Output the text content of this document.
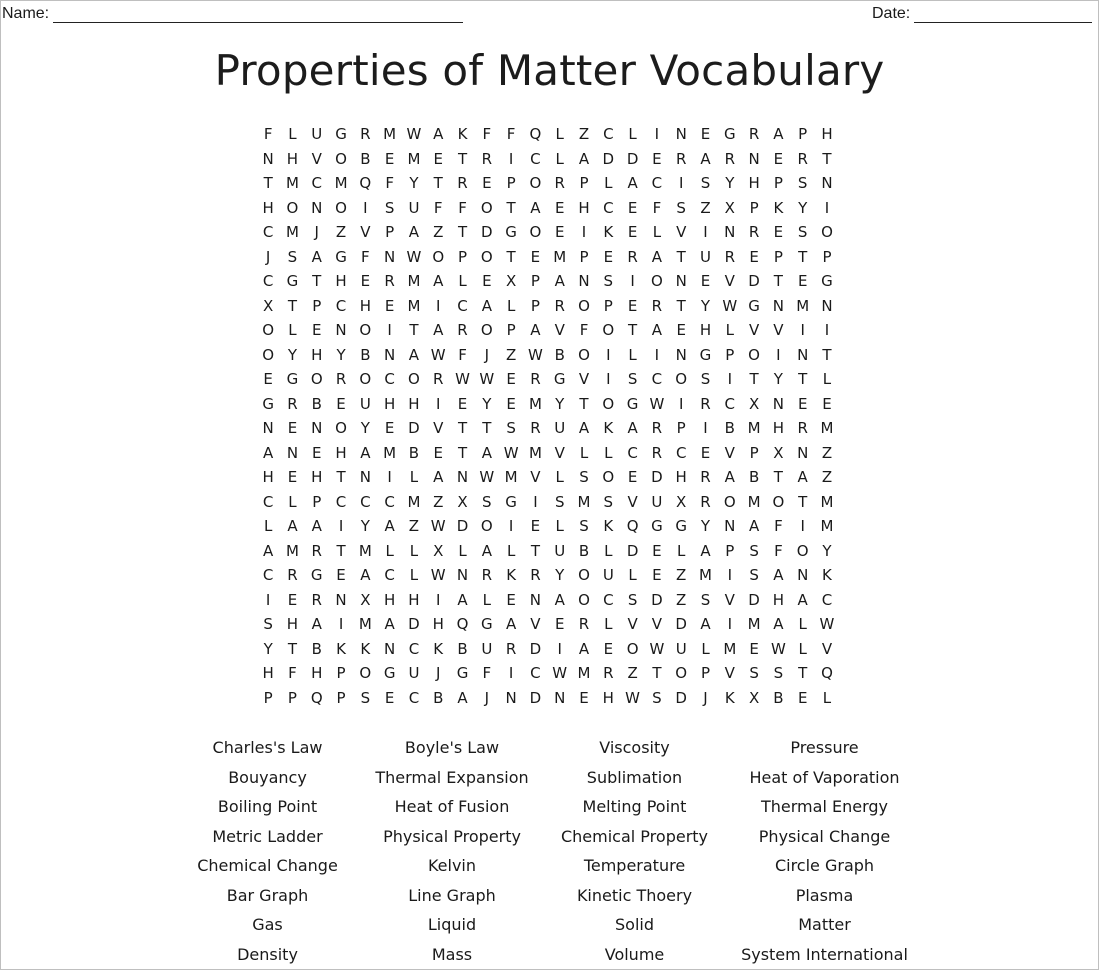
Name:	Date:
Properties of Matter Vocabulary
F	L U G R M W A K	F	F Q L Z C L	I	N E G R A P H
N H V O B E M E T R	I	C L A D D E R A R N E R T
T M C M Q F	Y	T R E	P O R P	L A C	I	S Y H P	S N
H O N O	I	S U F	F O T A E H C E	F	S Z X P K Y	I
C M	J	Z V P A Z T D G O E	I	K E	L V	I	N R E S O
J	S A G F N W O P O T E M P	E R A T U R E	P	T	P
C G T H E R M A L	E X P A N S	I	O N E V D T E G
X T	P C H E M	I	C A L	P R O P	E R T	Y W G N M N
O L	E N O	I	T A R O P A V F O T A E H L V V	I	I
O Y H Y B N A W F	J	Z W B O	I	L	I	N G P O	I	N T
E G O R O C O R W W E R G V	I	S C O S	I	T	Y	T	L
G R B E U H H	I	E Y E M Y	T O G W I	R C X N E E
N E N O Y E D V T	T S R U A K A R P	I	B M H R M
A N E H A M B E T A W M V L	L C R C E V P X N Z
H E H T N	I	L A N W M V L	S O E D H R A B T A Z
C L	P C C C M Z X S G	I	S M S V U X R O M O T M
L A A	I	Y A Z W D O	I	E	L	S K Q G G Y N A F	I	M
A M R T M L	L X L A L	T U B L D E	L A P	S	F O Y
C R G E A C L W N R K R Y O U L	E Z M	I	S A N K
I	E R N X H H	I	A L	E N A O C S D Z S V D H A C
S H A	I	M A D H Q G A V E R L V V D A	I	M A L W
Y	T B K K N C K B U R D	I	A E O W U L M E W L V
H F H P O G U	J	G F	I	C W M R Z T O P V S S T Q
P	P Q P	S E C B A	J	N D N E H W S D	J	K X B E	L
Charles's Law	Boyle's Law	Viscosity	Pressure
Bouyancy	Thermal Expansion	Sublimation	Heat of Vaporation
Boiling Point	Heat of Fusion	Melting Point	Thermal Energy
Metric Ladder	Physical Property	Chemical Property	Physical Change
Chemical Change	Kelvin	Temperature	Circle Graph
Bar Graph	Line Graph	Kinetic Thoery	Plasma
Gas	Liquid	Solid	Matter
Density	Mass	Volume	System International
